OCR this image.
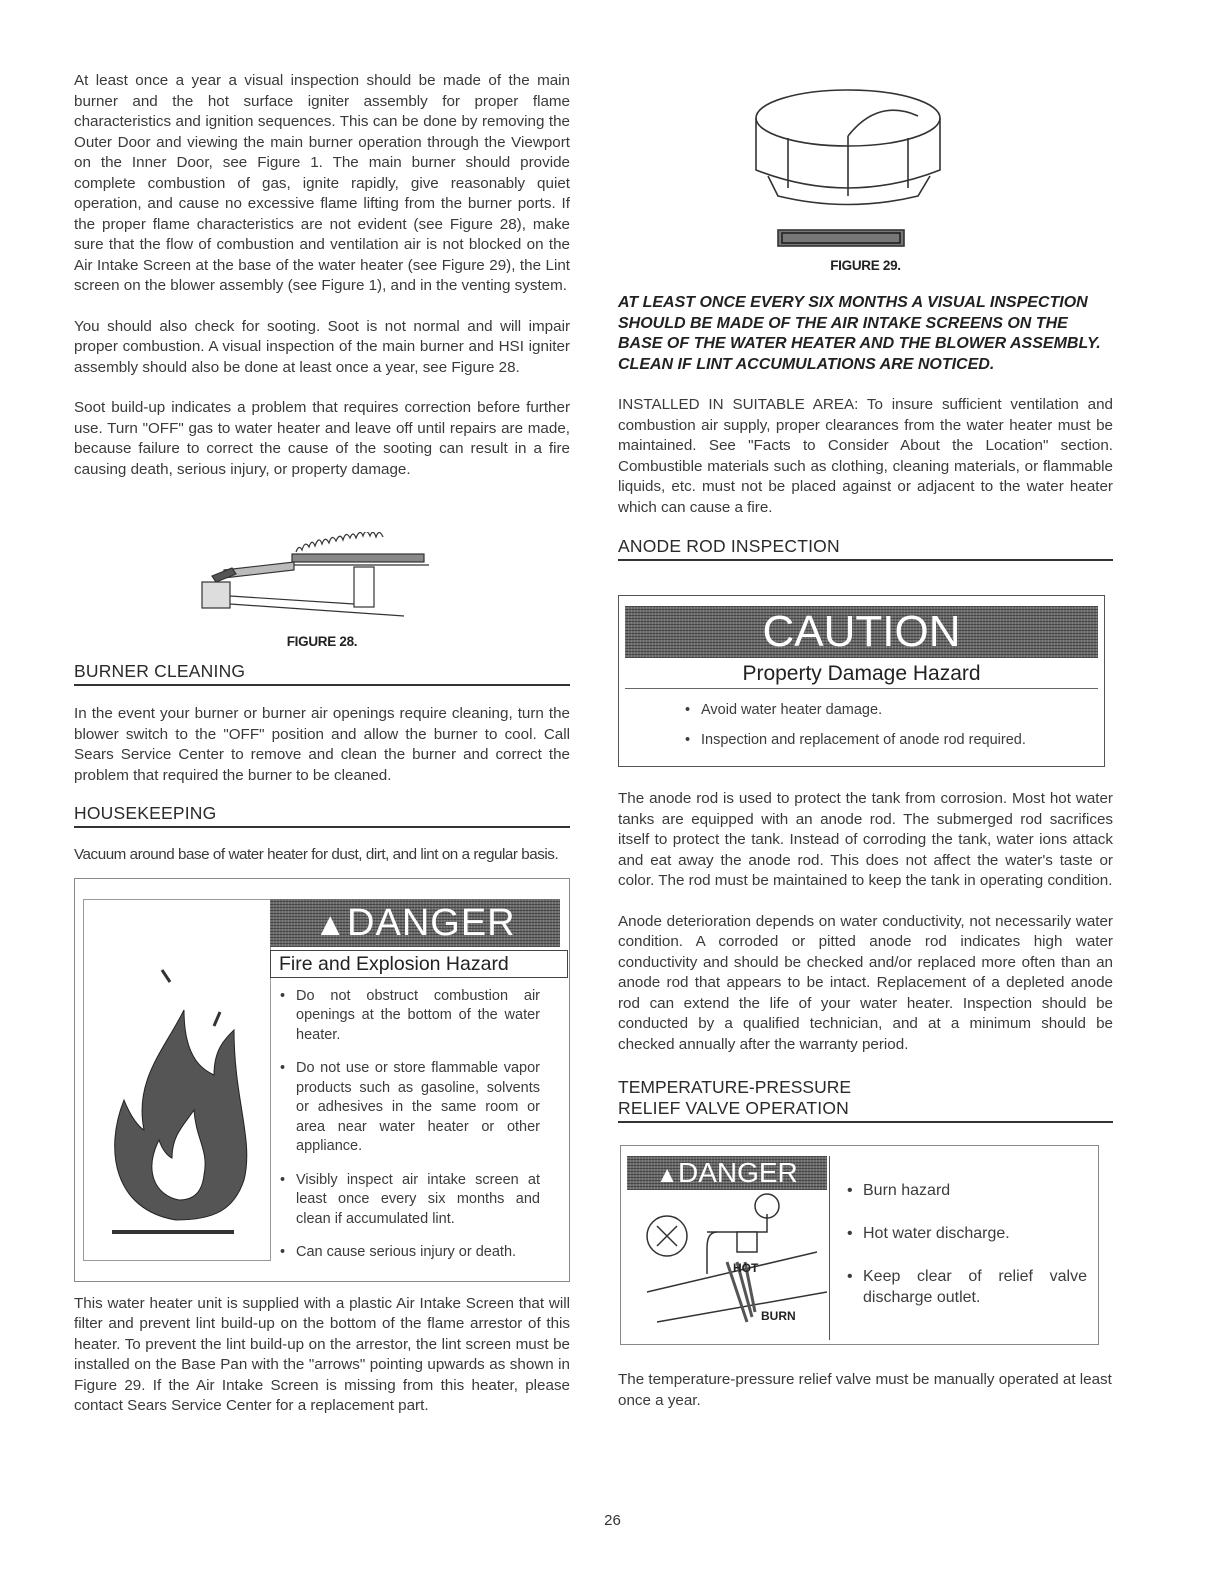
At least once a year a visual inspection should be made of the main burner and the hot surface igniter assembly for proper flame characteristics and ignition sequences. This can be done by removing the Outer Door and viewing the main burner operation through the Viewport on the Inner Door, see Figure 1. The main burner should provide complete combustion of gas, ignite rapidly, give reasonably quiet operation, and cause no excessive flame lifting from the burner ports. If the proper flame characteristics are not evident (see Figure 28), make sure that the flow of combustion and ventilation air is not blocked on the Air Intake Screen at the base of the water heater (see Figure 29), the Lint screen on the blower assembly (see Figure 1), and in the venting system.

You should also check for sooting. Soot is not normal and will impair proper combustion. A visual inspection of the main burner and HSI igniter assembly should also be done at least once a year, see Figure 28.

Soot build-up indicates a problem that requires correction before further use. Turn "OFF" gas to water heater and leave off until repairs are made, because failure to correct the cause of the sooting can result in a fire causing death, serious injury, or property damage.

FIGURE 28.
BURNER CLEANING

In the event your burner or burner air openings require cleaning, turn the blower switch to the "OFF" position and allow the burner to cool. Call Sears Service Center to remove and clean the burner and correct the problem that required the burner to be cleaned.

HOUSEKEEPING

Vacuum around base of water heater for dust, dirt, and lint on a regular basis.

▲DANGER
Fire and Explosion Hazard
• Do not obstruct combustion air openings at the bottom of the water heater.
• Do not use or store flammable vapor products such as gasoline, solvents or adhesives in the same room or area near water heater or other appliance.
• Visibly inspect air intake screen at least once every six months and clean if accumulated lint.
• Can cause serious injury or death.

This water heater unit is supplied with a plastic Air Intake Screen that will filter and prevent lint build-up on the bottom of the flame arrestor of this heater. To prevent the lint build-up on the arrestor, the lint screen must be installed on the Base Pan with the "arrows" pointing upwards as shown in Figure 29. If the Air Intake Screen is missing from this heater, please contact Sears Service Center for a replacement part.

FIGURE 29.

AT LEAST ONCE EVERY SIX MONTHS A VISUAL INSPECTION SHOULD BE MADE OF THE AIR INTAKE SCREENS ON THE BASE OF THE WATER HEATER AND THE BLOWER ASSEMBLY. CLEAN IF LINT ACCUMULATIONS ARE NOTICED.

INSTALLED IN SUITABLE AREA: To insure sufficient ventilation and combustion air supply, proper clearances from the water heater must be maintained. See "Facts to Consider About the Location" section. Combustible materials such as clothing, cleaning materials, or flammable liquids, etc. must not be placed against or adjacent to the water heater which can cause a fire.

ANODE ROD INSPECTION
CAUTION
Property Damage Hazard
• Avoid water heater damage.
• Inspection and replacement of anode rod required.

The anode rod is used to protect the tank from corrosion. Most hot water tanks are equipped with an anode rod. The submerged rod sacrifices itself to protect the tank. Instead of corroding the tank, water ions attack and eat away the anode rod. This does not affect the water's taste or color. The rod must be maintained to keep the tank in operating condition.

Anode deterioration depends on water conductivity, not necessarily water condition. A corroded or pitted anode rod indicates high water conductivity and should be checked and/or replaced more often than an anode rod that appears to be intact. Replacement of a depleted anode rod can extend the life of your water heater. Inspection should be conducted by a qualified technician, and at a minimum should be checked annually after the warranty period.

TEMPERATURE-PRESSURE
RELIEF VALVE OPERATION
▲DANGER
HOT
BURN
• Burn hazard
• Hot water discharge.
• Keep clear of relief valve discharge outlet.

The temperature-pressure relief valve must be manually operated at least once a year.

26
